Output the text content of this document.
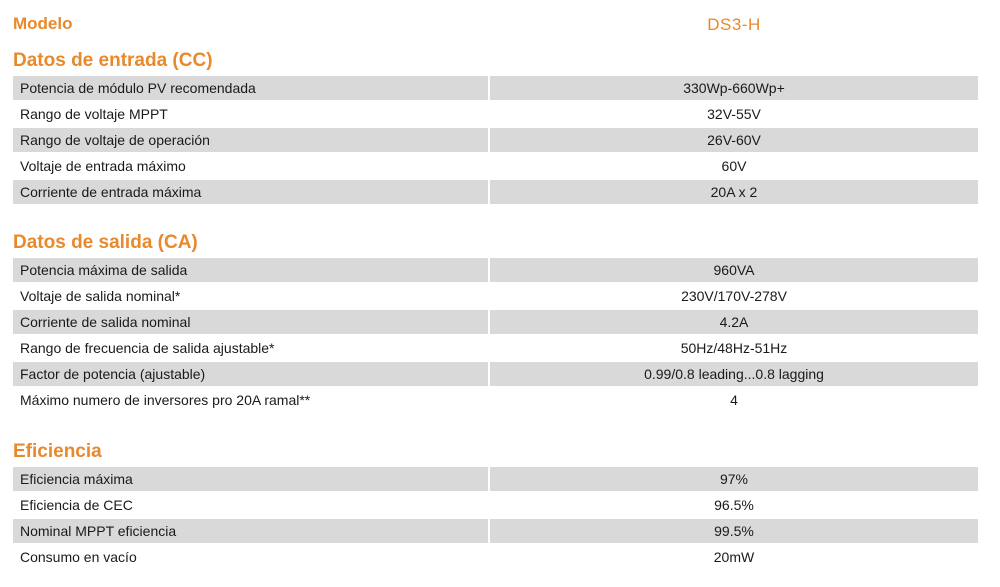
Modelo	DS3-H
Datos de entrada (CC)
Potencia de módulo PV recomendada	330Wp-660Wp+
Rango de voltaje MPPT	32V-55V
Rango de voltaje de operación	26V-60V
Voltaje de entrada máximo	60V
Corriente de entrada máxima	20A x 2
Datos de salida (CA)
Potencia máxima de salida	960VA
Voltaje de salida nominal*	230V/170V-278V
Corriente de salida nominal	4.2A
Rango de frecuencia de salida ajustable*	50Hz/48Hz-51Hz
Factor de potencia (ajustable)	0.99/0.8 leading...0.8 lagging
Máximo numero de inversores pro 20A ramal**	4
Eficiencia
Eficiencia máxima	97%
Eficiencia de CEC	96.5%
Nominal MPPT eficiencia	99.5%
Consumo en vacío	20mW
